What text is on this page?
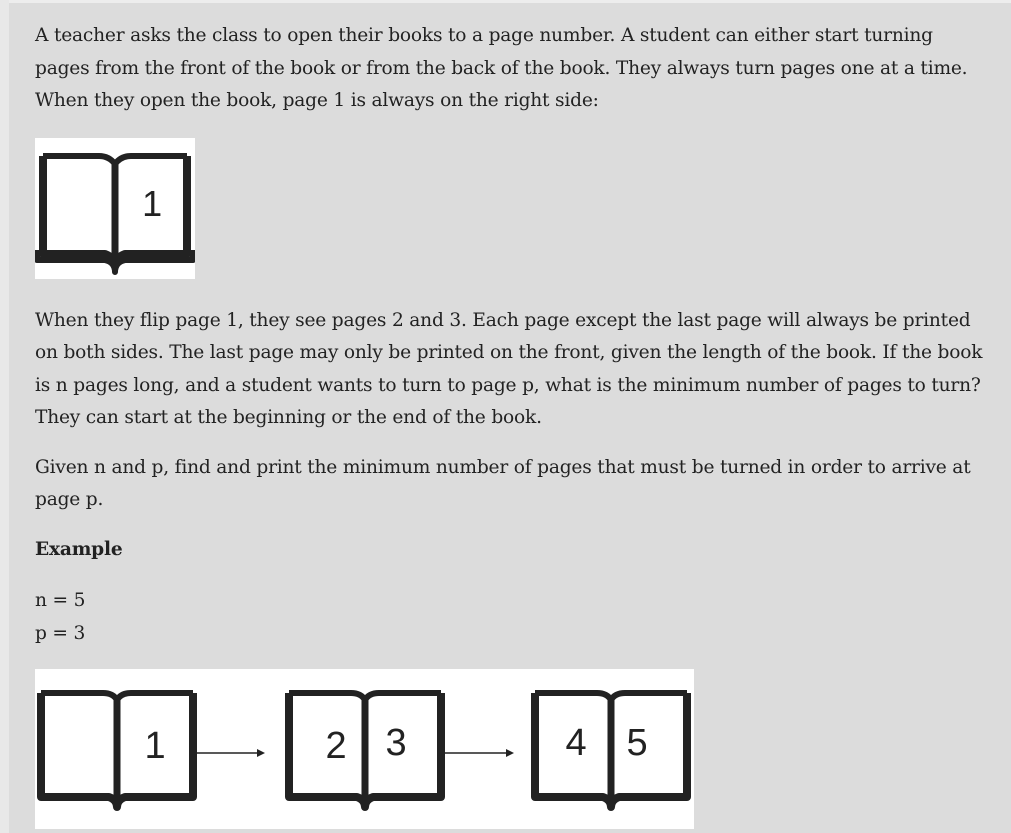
A teacher asks the class to open their books to a page number. A student can either start turning pages from the front of the book or from the back of the book. They always turn pages one at a time. When they open the book, page 1 is always on the right side:

1

When they flip page 1, they see pages 2 and 3. Each page except the last page will always be printed on both sides. The last page may only be printed on the front, given the length of the book. If the book is n pages long, and a student wants to turn to page p, what is the minimum number of pages to turn? They can start at the beginning or the end of the book.

Given n and p, find and print the minimum number of pages that must be turned in order to arrive at page p.

Example

n = 5
p = 3
1	2 3	4 5
